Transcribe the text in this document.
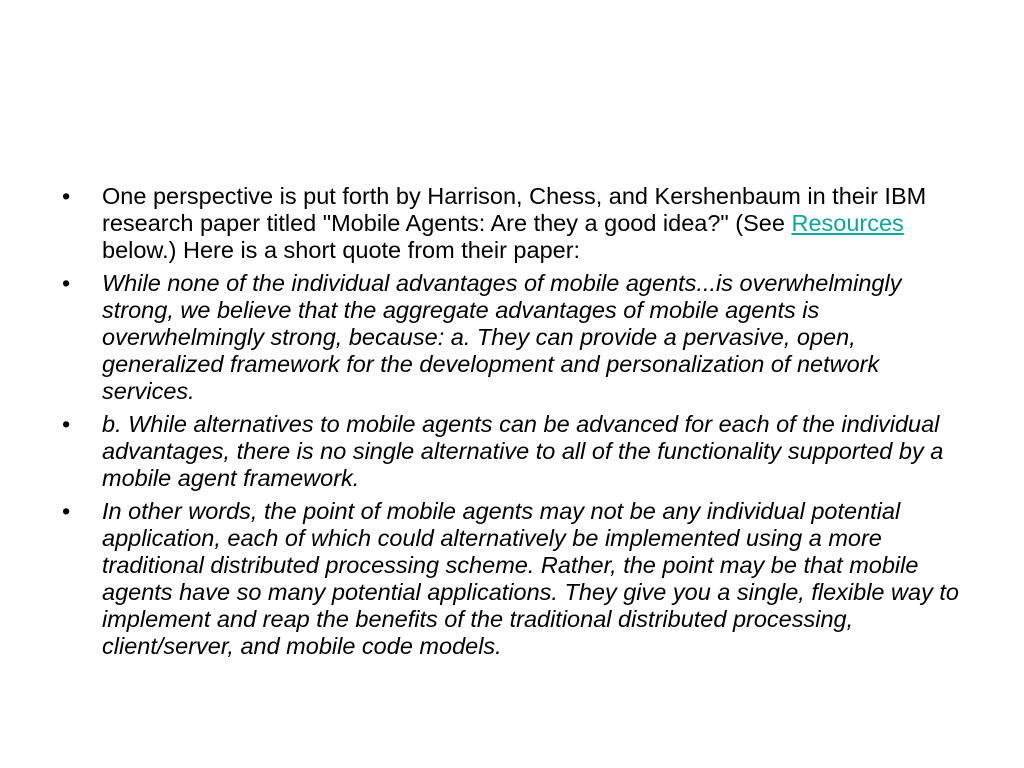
•	One perspective is put forth by Harrison, Chess, and Kershenbaum in their IBM research paper titled "Mobile Agents: Are they a good idea?" (See Resources below.) Here is a short quote from their paper:
•	While none of the individual advantages of mobile agents...is overwhelmingly strong, we believe that the aggregate advantages of mobile agents is overwhelmingly strong, because: a. They can provide a pervasive, open, generalized framework for the development and personalization of network services.
•	b. While alternatives to mobile agents can be advanced for each of the individual advantages, there is no single alternative to all of the functionality supported by a mobile agent framework.
•	In other words, the point of mobile agents may not be any individual potential application, each of which could alternatively be implemented using a more traditional distributed processing scheme. Rather, the point may be that mobile agents have so many potential applications. They give you a single, flexible way to implement and reap the benefits of the traditional distributed processing, client/server, and mobile code models.
